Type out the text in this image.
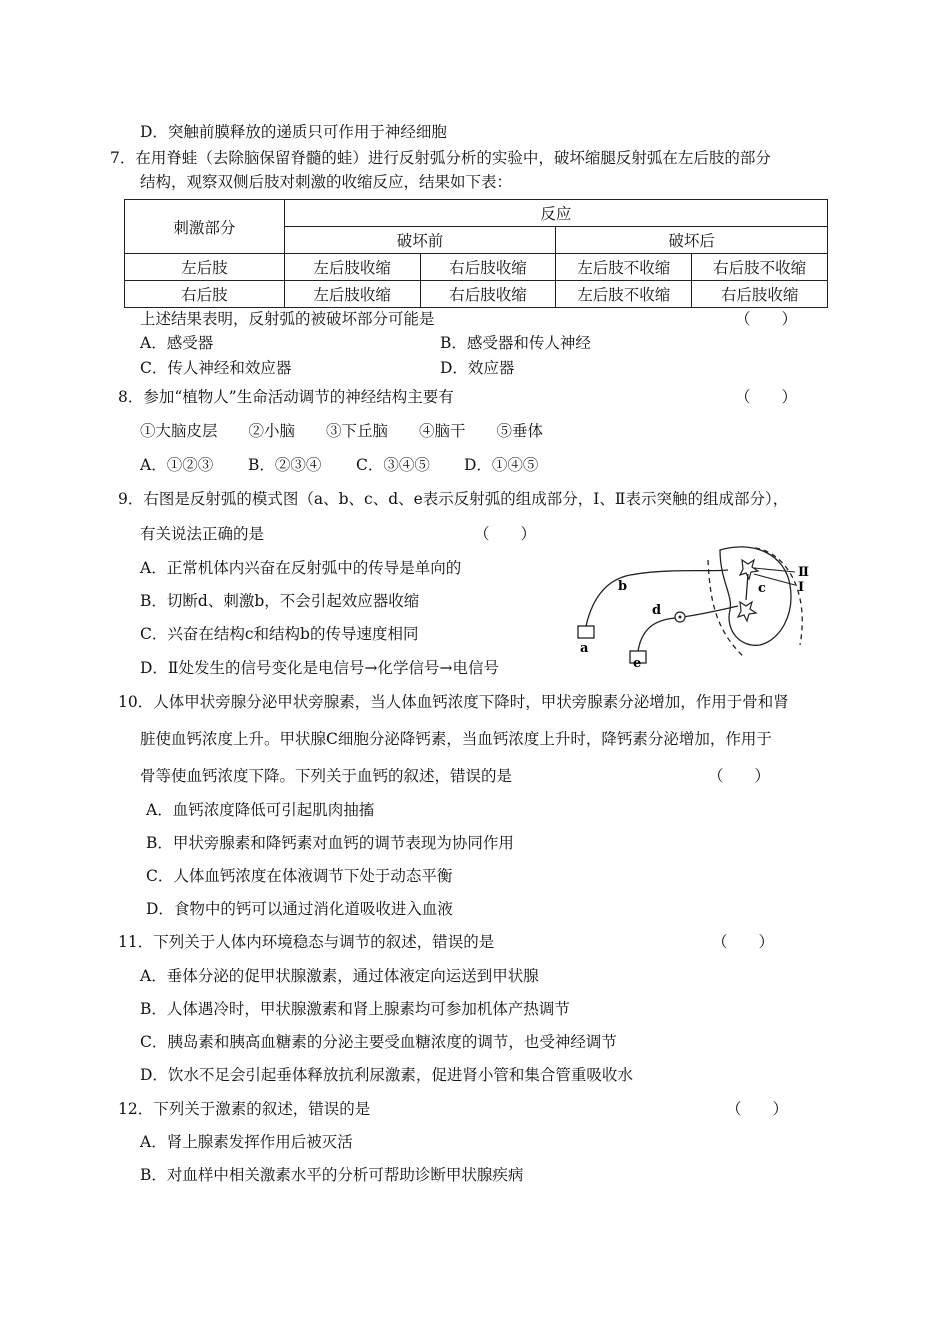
D．突触前膜释放的递质只可作用于神经细胞
7．在用脊蛙（去除脑保留脊髓的蛙）进行反射弧分析的实验中，破坏缩腿反射弧在左后肢的部分
结构，观察双侧后肢对刺激的收缩反应，结果如下表：
刺激部分	反应			
	破坏前		破坏后	
左后肢	左后肢收缩	右后肢收缩	左后肢不收缩	右后肢不收缩
右后肢	左后肢收缩	右后肢收缩	左后肢不收缩	右后肢收缩
上述结果表明，反射弧的被破坏部分可能是	（　　）
A．感受器	B．感受器和传人神经
C．传人神经和效应器	D．效应器
8．参加“植物人”生命活动调节的神经结构主要有	（　　）
①大脑皮层　　②小脑　　③下丘脑　　④脑干　　⑤垂体
A．①②③ B．②③④ C．③④⑤ D．①④⑤
9．右图是反射弧的模式图（a、b、c、d、e表示反射弧的组成部分，Ⅰ、Ⅱ表示突触的组成部分），
有关说法正确的是	（　　）
A．正常机体内兴奋在反射弧中的传导是单向的
B．切断d、刺激b，不会引起效应器收缩
C．兴奋在结构c和结构b的传导速度相同
D．Ⅱ处发生的信号变化是电信号→化学信号→电信号
b
d
c
a
e
Ⅱ
Ⅰ
10．人体甲状旁腺分泌甲状旁腺素，当人体血钙浓度下降时，甲状旁腺素分泌增加，作用于骨和肾
脏使血钙浓度上升。甲状腺C细胞分泌降钙素，当血钙浓度上升时，降钙素分泌增加，作用于
骨等使血钙浓度下降。下列关于血钙的叙述，错误的是	（　　）
A．血钙浓度降低可引起肌肉抽搐
B．甲状旁腺素和降钙素对血钙的调节表现为协同作用
C．人体血钙浓度在体液调节下处于动态平衡
D．食物中的钙可以通过消化道吸收进入血液
11．下列关于人体内环境稳态与调节的叙述，错误的是	（　　）
A．垂体分泌的促甲状腺激素，通过体液定向运送到甲状腺
B．人体遇冷时，甲状腺激素和肾上腺素均可参加机体产热调节
C．胰岛素和胰高血糖素的分泌主要受血糖浓度的调节，也受神经调节
D．饮水不足会引起垂体释放抗利尿激素，促进肾小管和集合管重吸收水
12．下列关于激素的叙述，错误的是	（　　）
A．肾上腺素发挥作用后被灭活
B．对血样中相关激素水平的分析可帮助诊断甲状腺疾病
